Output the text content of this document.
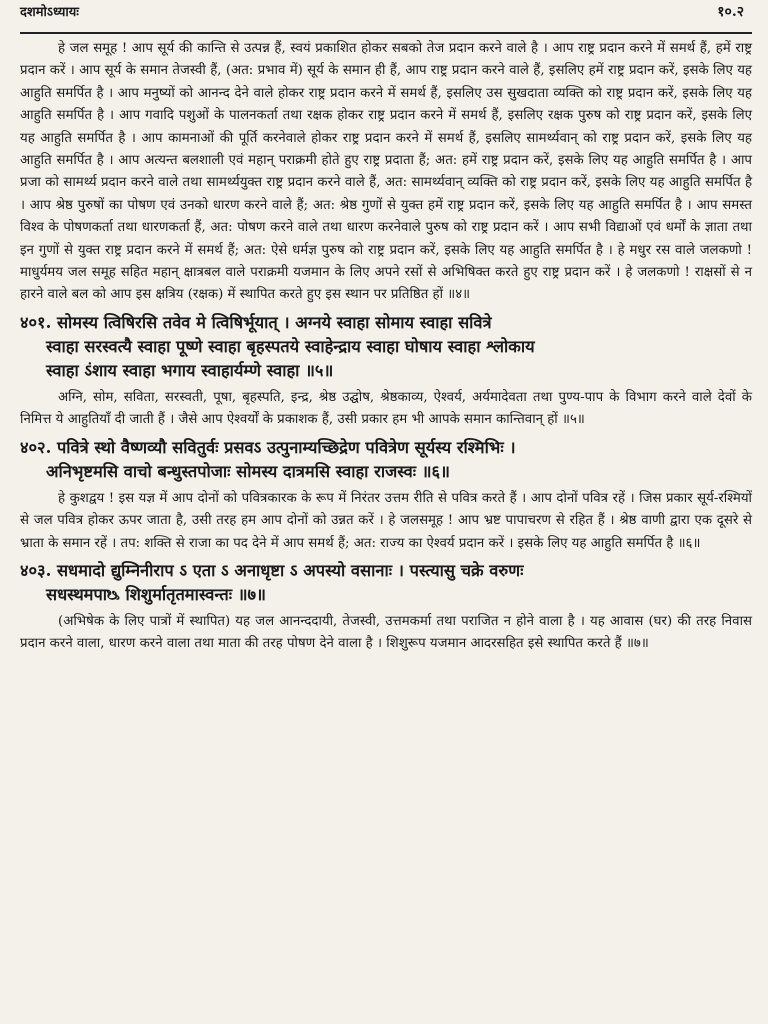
दशमोऽध्यायः	१०.२

हे जल समूह ! आप सूर्य की कान्ति से उत्पन्न हैं, स्वयं प्रकाशित होकर सबको तेज प्रदान करने वाले है । आप राष्ट्र प्रदान करने में समर्थ हैं, हमें राष्ट्र प्रदान करें । आप सूर्य के समान तेजस्वी हैं, (अत: प्रभाव में) सूर्य के समान ही हैं, आप राष्ट्र प्रदान करने वाले हैं, इसलिए हमें राष्ट्र प्रदान करें, इसके लिए यह आहुति समर्पित है । आप मनुष्यों को आनन्द देने वाले होकर राष्ट्र प्रदान करने में समर्थ हैं, इसलिए उस सुखदाता व्यक्ति को राष्ट्र प्रदान करें, इसके लिए यह आहुति समर्पित है । आप गवादि पशुओं के पालनकर्ता तथा रक्षक होकर राष्ट्र प्रदान करने में समर्थ हैं, इसलिए रक्षक पुरुष को राष्ट्र प्रदान करें, इसके लिए यह आहुति समर्पित है । आप कामनाओं की पूर्ति करनेवाले होकर राष्ट्र प्रदान करने में समर्थ हैं, इसलिए सामर्थ्यवान् को राष्ट्र प्रदान करें, इसके लिए यह आहुति समर्पित है । आप अत्यन्त बलशाली एवं महान् पराक्रमी होते हुए राष्ट्र प्रदाता हैं; अत: हमें राष्ट्र प्रदान करें, इसके लिए यह आहुति समर्पित है । आप प्रजा को सामर्थ्य प्रदान करने वाले तथा सामर्थ्ययुक्त राष्ट्र प्रदान करने वाले हैं, अत: सामर्थ्यवान् व्यक्ति को राष्ट्र प्रदान करें, इसके लिए यह आहुति समर्पित है । आप श्रेष्ठ पुरुषों का पोषण एवं उनको धारण करने वाले हैं; अत: श्रेष्ठ गुणों से युक्त हमें राष्ट्र प्रदान करें, इसके लिए यह आहुति समर्पित है । आप समस्त विश्व के पोषणकर्ता तथा धारणकर्ता हैं, अत: पोषण करने वाले तथा धारण करनेवाले पुरुष को राष्ट्र प्रदान करें । आप सभी विद्याओं एवं धर्मों के ज्ञाता तथा इन गुणों से युक्त राष्ट्र प्रदान करने में समर्थ हैं; अत: ऐसे धर्मज्ञ पुरुष को राष्ट्र प्रदान करें, इसके लिए यह आहुति समर्पित है । हे मधुर रस वाले जलकणो ! माधुर्यमय जल समूह सहित महान् क्षात्रबल वाले पराक्रमी यजमान के लिए अपने रसों से अभिषिक्त करते हुए राष्ट्र प्रदान करें । हे जलकणो ! राक्षसों से न हारने वाले बल को आप इस क्षत्रिय (रक्षक) में स्थापित करते हुए इस स्थान पर प्रतिष्ठित हों ॥४॥

४०१. सोमस्य त्विषिरसि तवेव मे त्विषिर्भूयात् । अग्नये स्वाहा सोमाय स्वाहा सवित्रे
स्वाहा सरस्वत्यै स्वाहा पूष्णे स्वाहा बृहस्पतये स्वाहेन्द्राय स्वाहा घोषाय स्वाहा श्लोकाय
स्वाहा ऽंशाय स्वाहा भगाय स्वाहार्यम्णे स्वाहा ॥५॥

अग्नि, सोम, सविता, सरस्वती, पूषा, बृहस्पति, इन्द्र, श्रेष्ठ उद्घोष, श्रेष्ठकाव्य, ऐश्वर्य, अर्यमादेवता तथा पुण्य-पाप के विभाग करने वाले देवों के निमित्त ये आहुतियाँ दी जाती हैं । जैसे आप ऐश्वर्यों के प्रकाशक हैं, उसी प्रकार हम भी आपके समान कान्तिवान् हों ॥५॥

४०२. पवित्रे स्थो वैष्णव्यौ सवितुर्वः प्रसवऽ उत्पुनाम्यच्छिद्रेण पवित्रेण सूर्यस्य रश्मिभिः ।
अनिभृष्टमसि वाचो बन्धुस्तपोजाः सोमस्य दात्रमसि स्वाहा राजस्वः ॥६॥

हे कुशद्वय ! इस यज्ञ में आप दोनों को पवित्रकारक के रूप में निरंतर उत्तम रीति से पवित्र करते हैं । आप दोनों पवित्र रहें । जिस प्रकार सूर्य-रश्मियों से जल पवित्र होकर ऊपर जाता है, उसी तरह हम आप दोनों को उन्नत करें । हे जलसमूह ! आप भ्रष्ट पापाचरण से रहित हैं । श्रेष्ठ वाणी द्वारा एक दूसरे से भ्राता के समान रहें । तप: शक्ति से राजा का पद देने में आप समर्थ हैं; अत: राज्य का ऐश्वर्य प्रदान करें । इसके लिए यह आहुति समर्पित है ॥६॥

४०३. सधमादो द्युम्निनीराप ऽ एता ऽ अनाधृष्टा ऽ अपस्यो वसानाः । पस्त्यासु चक्रे वरुणः
सधस्थमपाᳬ शिशुर्मातृतमास्वन्तः ॥७॥

(अभिषेक के लिए पात्रों में स्थापित) यह जल आनन्ददायी, तेजस्वी, उत्तमकर्मा तथा पराजित न होने वाला है । यह आवास (घर) की तरह निवास प्रदान करने वाला, धारण करने वाला तथा माता की तरह पोषण देने वाला है । शिशुरूप यजमान आदरसहित इसे स्थापित करते हैं ॥७॥
